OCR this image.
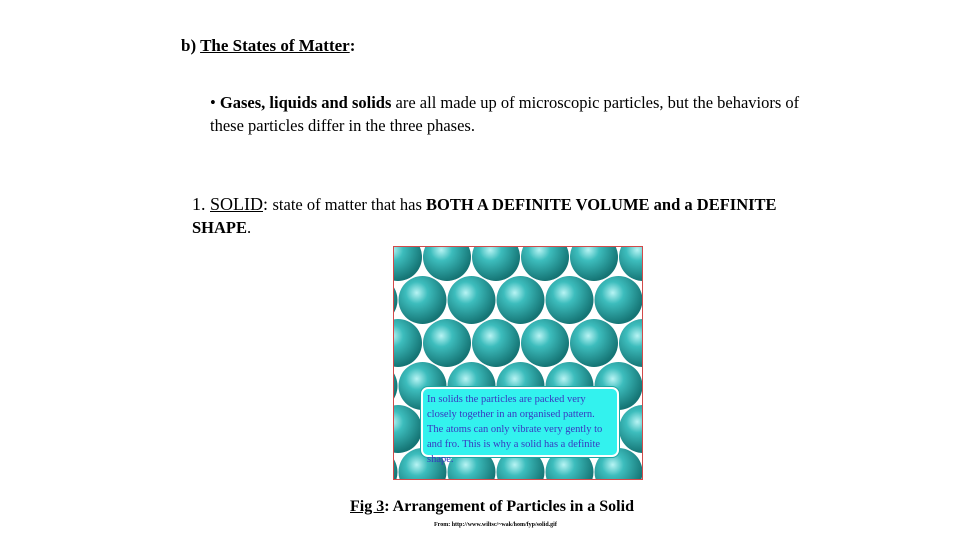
b) The States of Matter:
• Gases, liquids and solids are all made up of microscopic particles, but the behaviors of these particles differ in the three phases.
1. SOLID: state of matter that has BOTH A DEFINITE VOLUME and a DEFINITE SHAPE.
In solids the particles are packed very closely together in an organised pattern. The atoms can only vibrate very gently to and fro. This is why a solid has a definite shape.
Fig 3: Arrangement of Particles in a Solid
From: http://www.wiltsc/~wak/hom/fyp/solid.gif
